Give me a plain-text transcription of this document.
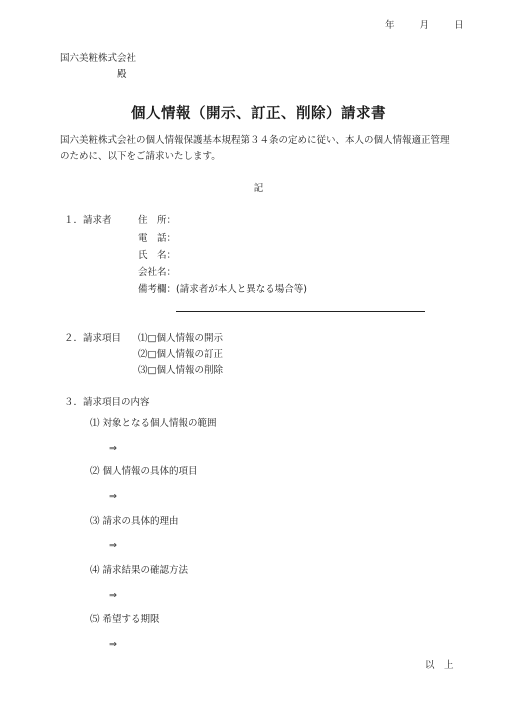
年	月	日
国六美粧株式会社
殿
個人情報（開示、訂正、削除）請求書
国六美粧株式会社の個人情報保護基本規程第３４条の定めに従い、本人の個人情報適正管理
のために、以下をご請求いたします。
記
１．請求者	住　所：
電　話：
氏　名：
会社名：
備考欄：(請求者が本人と異なる場合等)
２．請求項目 ⑴□個人情報の開示
⑵□個人情報の訂正
⑶□個人情報の削除
３．請求項目の内容
⑴ 対象となる個人情報の範囲
⇒
⑵ 個人情報の具体的項目
⇒
⑶ 請求の具体的理由
⇒
⑷ 請求結果の確認方法
⇒
⑸ 希望する期限
⇒
以　上
